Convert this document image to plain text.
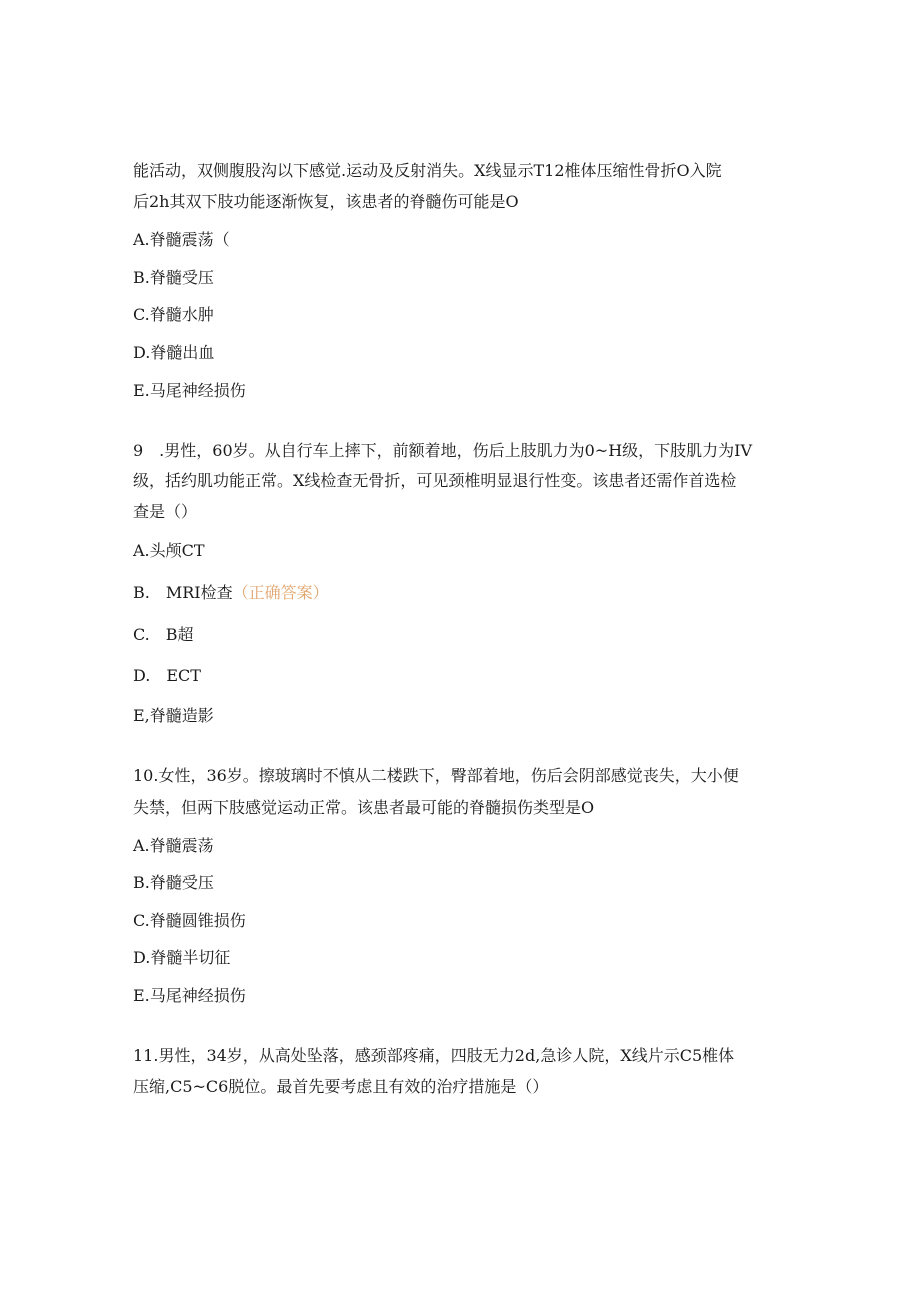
能活动，双侧腹股沟以下感觉.运动及反射消失。X线显示T12椎体压缩性骨折O入院
后2h其双下肢功能逐渐恢复，该患者的脊髓伤可能是O
A.脊髓震荡（
B.脊髓受压
C.脊髓水肿
D.脊髓出血
E.马尾神经损伤
9　.男性，60岁。从自行车上摔下，前额着地，伤后上肢肌力为0~H级，下肢肌力为IV
级，括约肌功能正常。X线检查无骨折，可见颈椎明显退行性变。该患者还需作首选检
查是（）
A.头颅CT
B.　MRI检查（正确答案）
C.　B超
D.　ECT
E,脊髓造影
10.女性，36岁。擦玻璃时不慎从二楼跌下，臀部着地，伤后会阴部感觉丧失，大小便
失禁，但两下肢感觉运动正常。该患者最可能的脊髓损伤类型是O
A.脊髓震荡
B.脊髓受压
C.脊髓圆锥损伤
D.脊髓半切征
E.马尾神经损伤
11.男性，34岁，从高处坠落，感颈部疼痛，四肢无力2d,急诊人院，X线片示C5椎体
压缩,C5~C6脱位。最首先要考虑且有效的治疗措施是（）
